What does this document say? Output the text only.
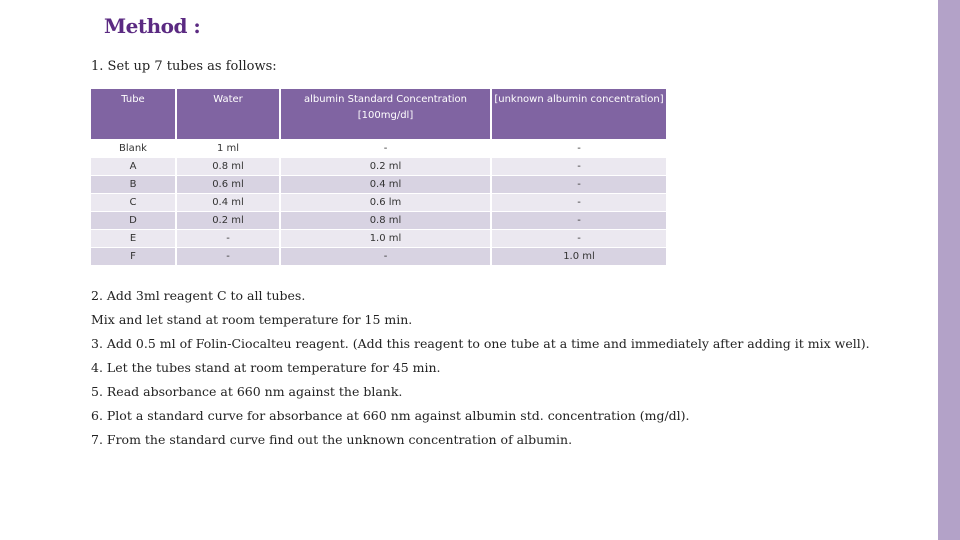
Method :
1. Set up 7 tubes as follows:
Tube	Water	albumin Standard Concentration [100mg/dl]	[unknown albumin concentration]
Blank	1 ml	-	-
A	0.8 ml	0.2 ml	-
B	0.6 ml	0.4 ml	-
C	0.4 ml	0.6 lm	-
D	0.2 ml	0.8 ml	-
E	-	1.0 ml	-
F	-	-	1.0 ml
2. Add 3ml reagent C to all tubes.
Mix and let stand at room temperature for 15 min.
3. Add 0.5 ml of Folin-Ciocalteu reagent. (Add this reagent to one tube at a time and immediately after adding it mix well).
4. Let the tubes stand at room temperature for 45 min.
5. Read absorbance at 660 nm against the blank.
6. Plot a standard curve for absorbance at 660 nm against albumin std. concentration (mg/dl).
7. From the standard curve find out the unknown concentration of albumin.
